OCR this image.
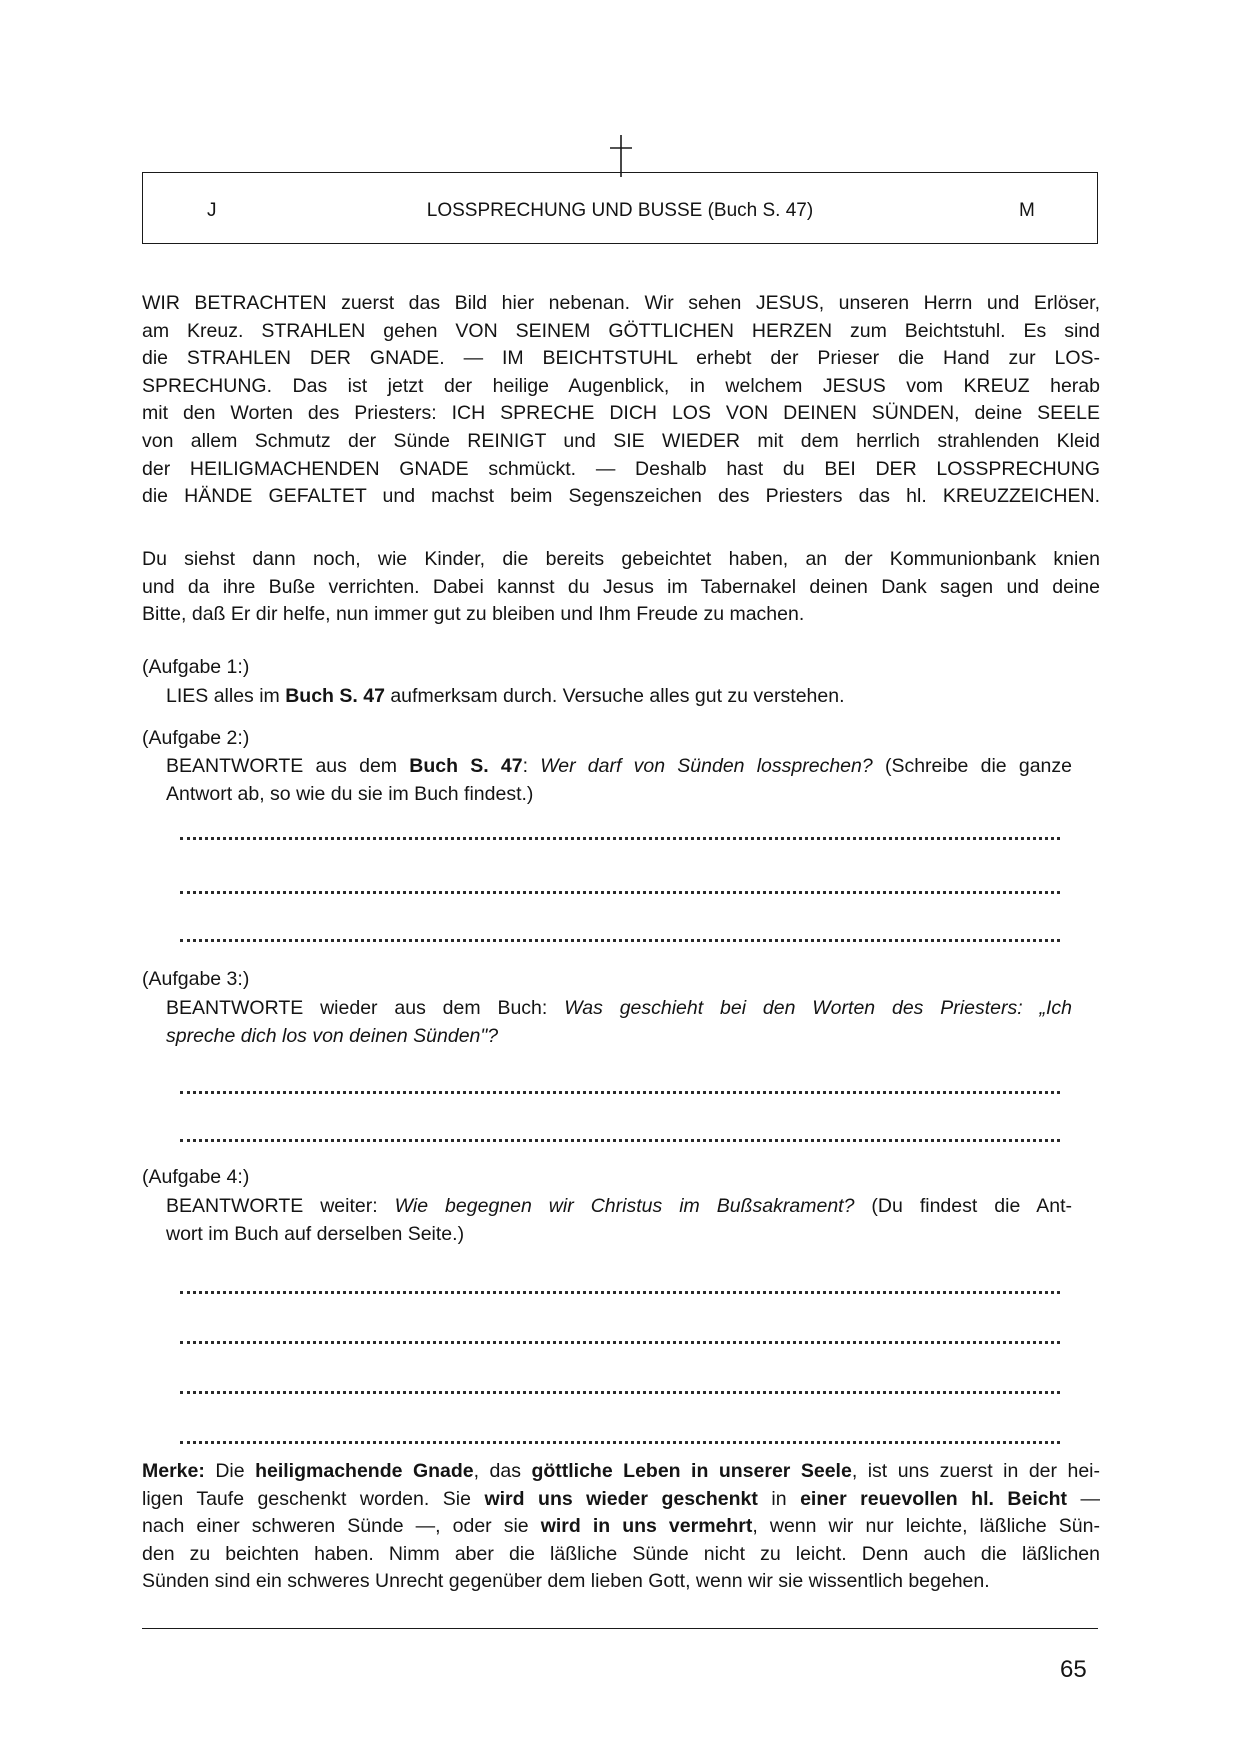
J	LOSSPRECHUNG UND BUSSE (Buch S. 47)	M
WIR BETRACHTEN zuerst das Bild hier nebenan. Wir sehen JESUS, unseren Herrn und Erlöser,
am Kreuz. STRAHLEN gehen VON SEINEM GÖTTLICHEN HERZEN zum Beichtstuhl. Es sind
die STRAHLEN DER GNADE. — IM BEICHTSTUHL erhebt der Prieser die Hand zur LOS-
SPRECHUNG. Das ist jetzt der heilige Augenblick, in welchem JESUS vom KREUZ herab
mit den Worten des Priesters: ICH SPRECHE DICH LOS VON DEINEN SÜNDEN, deine SEELE
von allem Schmutz der Sünde REINIGT und SIE WIEDER mit dem herrlich strahlenden Kleid
der HEILIGMACHENDEN GNADE schmückt. — Deshalb hast du BEI DER LOSSPRECHUNG
die HÄNDE GEFALTET und machst beim Segenszeichen des Priesters das hl. KREUZZEICHEN.
Du siehst dann noch, wie Kinder, die bereits gebeichtet haben, an der Kommunionbank knien
und da ihre Buße verrichten. Dabei kannst du Jesus im Tabernakel deinen Dank sagen und deine
Bitte, daß Er dir helfe, nun immer gut zu bleiben und Ihm Freude zu machen.
(Aufgabe 1:)
LIES alles im Buch S. 47 aufmerksam durch. Versuche alles gut zu verstehen.
(Aufgabe 2:)
BEANTWORTE aus dem Buch S. 47: Wer darf von Sünden lossprechen? (Schreibe die ganze
Antwort ab, so wie du sie im Buch findest.)
(Aufgabe 3:)
BEANTWORTE wieder aus dem Buch: Was geschieht bei den Worten des Priesters: „Ich
spreche dich los von deinen Sünden"?
(Aufgabe 4:)
BEANTWORTE weiter: Wie begegnen wir Christus im Bußsakrament? (Du findest die Ant-
wort im Buch auf derselben Seite.)
Merke: Die heiligmachende Gnade, das göttliche Leben in unserer Seele, ist uns zuerst in der hei-
ligen Taufe geschenkt worden. Sie wird uns wieder geschenkt in einer reuevollen hl. Beicht —
nach einer schweren Sünde —, oder sie wird in uns vermehrt, wenn wir nur leichte, läßliche Sün-
den zu beichten haben. Nimm aber die läßliche Sünde nicht zu leicht. Denn auch die läßlichen
Sünden sind ein schweres Unrecht gegenüber dem lieben Gott, wenn wir sie wissentlich begehen.
65
